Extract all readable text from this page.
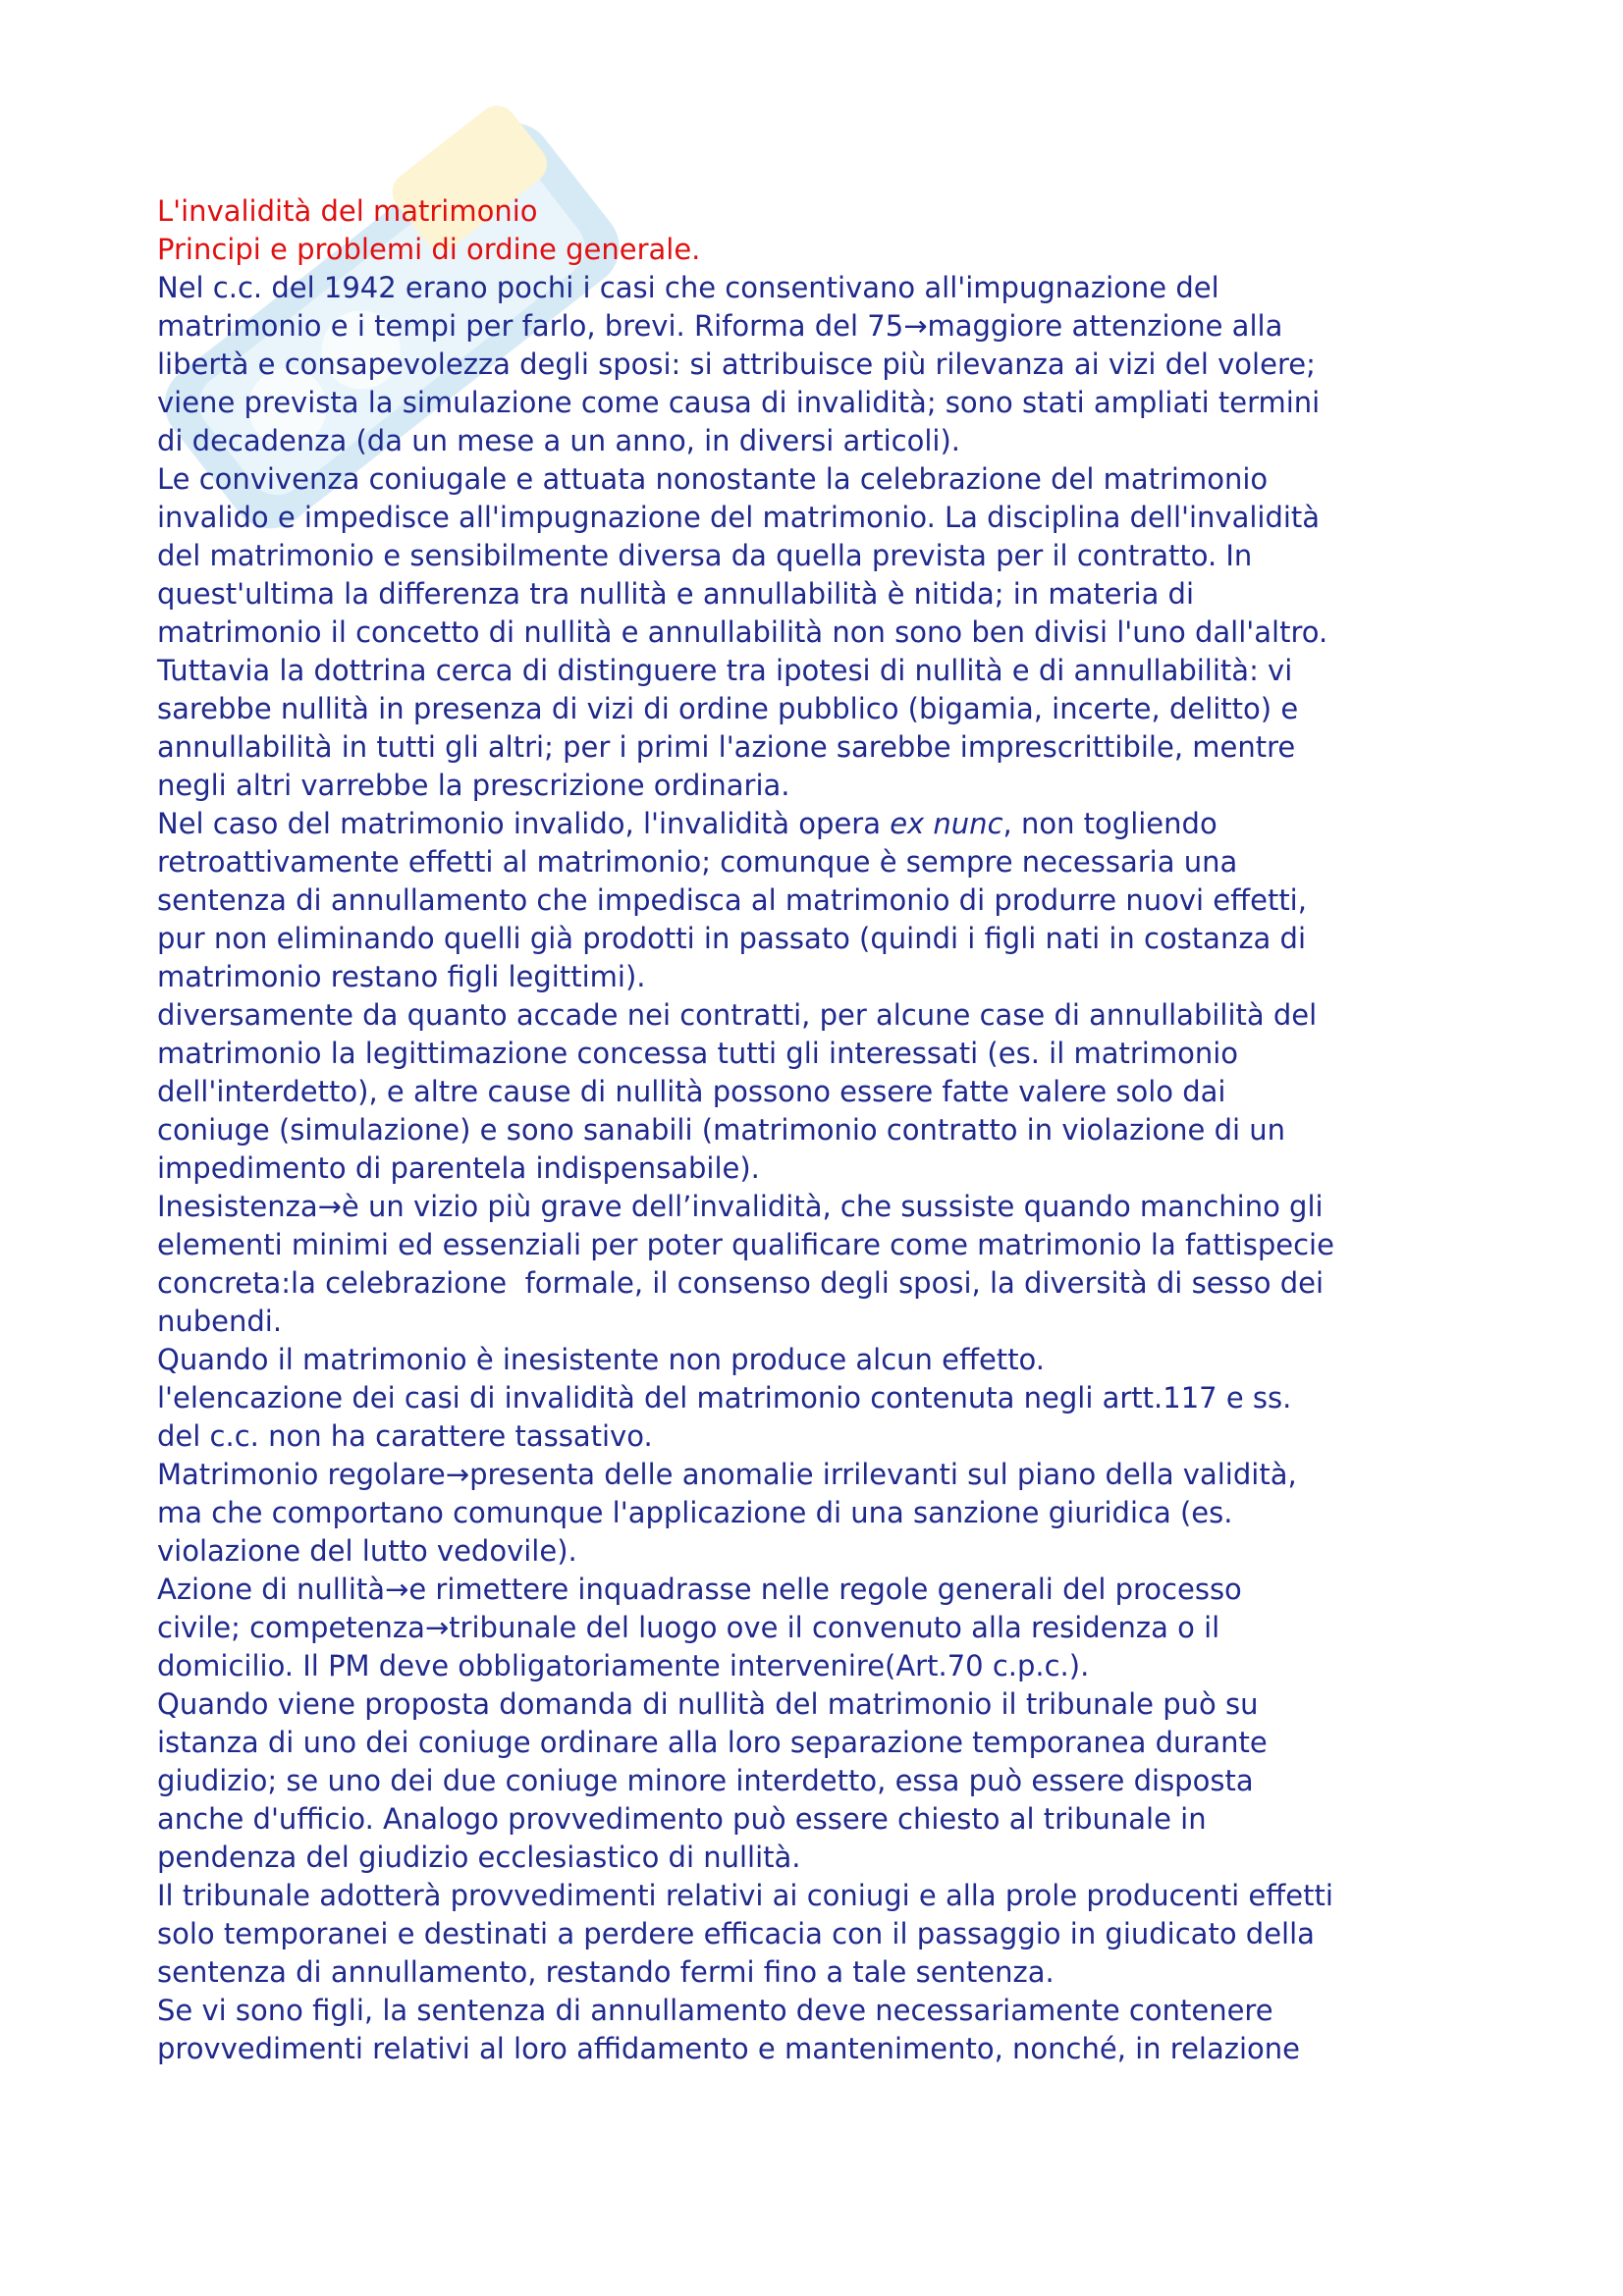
L'invalidità del matrimonio

Principi e problemi di ordine generale.

Nel c.c. del 1942 erano pochi i casi che consentivano all'impugnazione del

matrimonio e i tempi per farlo, brevi. Riforma del 75→maggiore attenzione alla

libertà e consapevolezza degli sposi: si attribuisce più rilevanza ai vizi del volere;

viene prevista la simulazione come causa di invalidità; sono stati ampliati termini

di decadenza (da un mese a un anno, in diversi articoli).

Le convivenza coniugale e attuata nonostante la celebrazione del matrimonio

invalido e impedisce all'impugnazione del matrimonio. La disciplina dell'invalidità

del matrimonio e sensibilmente diversa da quella prevista per il contratto. In

quest'ultima la differenza tra nullità e annullabilità è nitida; in materia di

matrimonio il concetto di nullità e annullabilità non sono ben divisi l'uno dall'altro.

Tuttavia la dottrina cerca di distinguere tra ipotesi di nullità e di annullabilità: vi

sarebbe nullità in presenza di vizi di ordine pubblico (bigamia, incerte, delitto) e

annullabilità in tutti gli altri; per i primi l'azione sarebbe imprescrittibile, mentre

negli altri varrebbe la prescrizione ordinaria.

Nel caso del matrimonio invalido, l'invalidità opera ex nunc, non togliendo

retroattivamente effetti al matrimonio; comunque è sempre necessaria una

sentenza di annullamento che impedisca al matrimonio di produrre nuovi effetti,

pur non eliminando quelli già prodotti in passato (quindi i figli nati in costanza di

matrimonio restano figli legittimi).

diversamente da quanto accade nei contratti, per alcune case di annullabilità del

matrimonio la legittimazione concessa tutti gli interessati (es. il matrimonio

dell'interdetto), e altre cause di nullità possono essere fatte valere solo dai

coniuge (simulazione) e sono sanabili (matrimonio contratto in violazione di un

impedimento di parentela indispensabile).

Inesistenza→è un vizio più grave dell’invalidità, che sussiste quando manchino gli

elementi minimi ed essenziali per poter qualificare come matrimonio la fattispecie

concreta:la celebrazione  formale, il consenso degli sposi, la diversità di sesso dei

nubendi.

Quando il matrimonio è inesistente non produce alcun effetto.

l'elencazione dei casi di invalidità del matrimonio contenuta negli artt.117 e ss.

del c.c. non ha carattere tassativo.

Matrimonio regolare→presenta delle anomalie irrilevanti sul piano della validità,

ma che comportano comunque l'applicazione di una sanzione giuridica (es.

violazione del lutto vedovile).

Azione di nullità→e rimettere inquadrasse nelle regole generali del processo

civile; competenza→tribunale del luogo ove il convenuto alla residenza o il

domicilio. Il PM deve obbligatoriamente intervenire(Art.70 c.p.c.).

Quando viene proposta domanda di nullità del matrimonio il tribunale può su

istanza di uno dei coniuge ordinare alla loro separazione temporanea durante

giudizio; se uno dei due coniuge minore interdetto, essa può essere disposta

anche d'ufficio. Analogo provvedimento può essere chiesto al tribunale in

pendenza del giudizio ecclesiastico di nullità.

Il tribunale adotterà provvedimenti relativi ai coniugi e alla prole producenti effetti

solo temporanei e destinati a perdere efficacia con il passaggio in giudicato della

sentenza di annullamento, restando fermi fino a tale sentenza.

Se vi sono figli, la sentenza di annullamento deve necessariamente contenere

provvedimenti relativi al loro affidamento e mantenimento, nonché, in relazione
